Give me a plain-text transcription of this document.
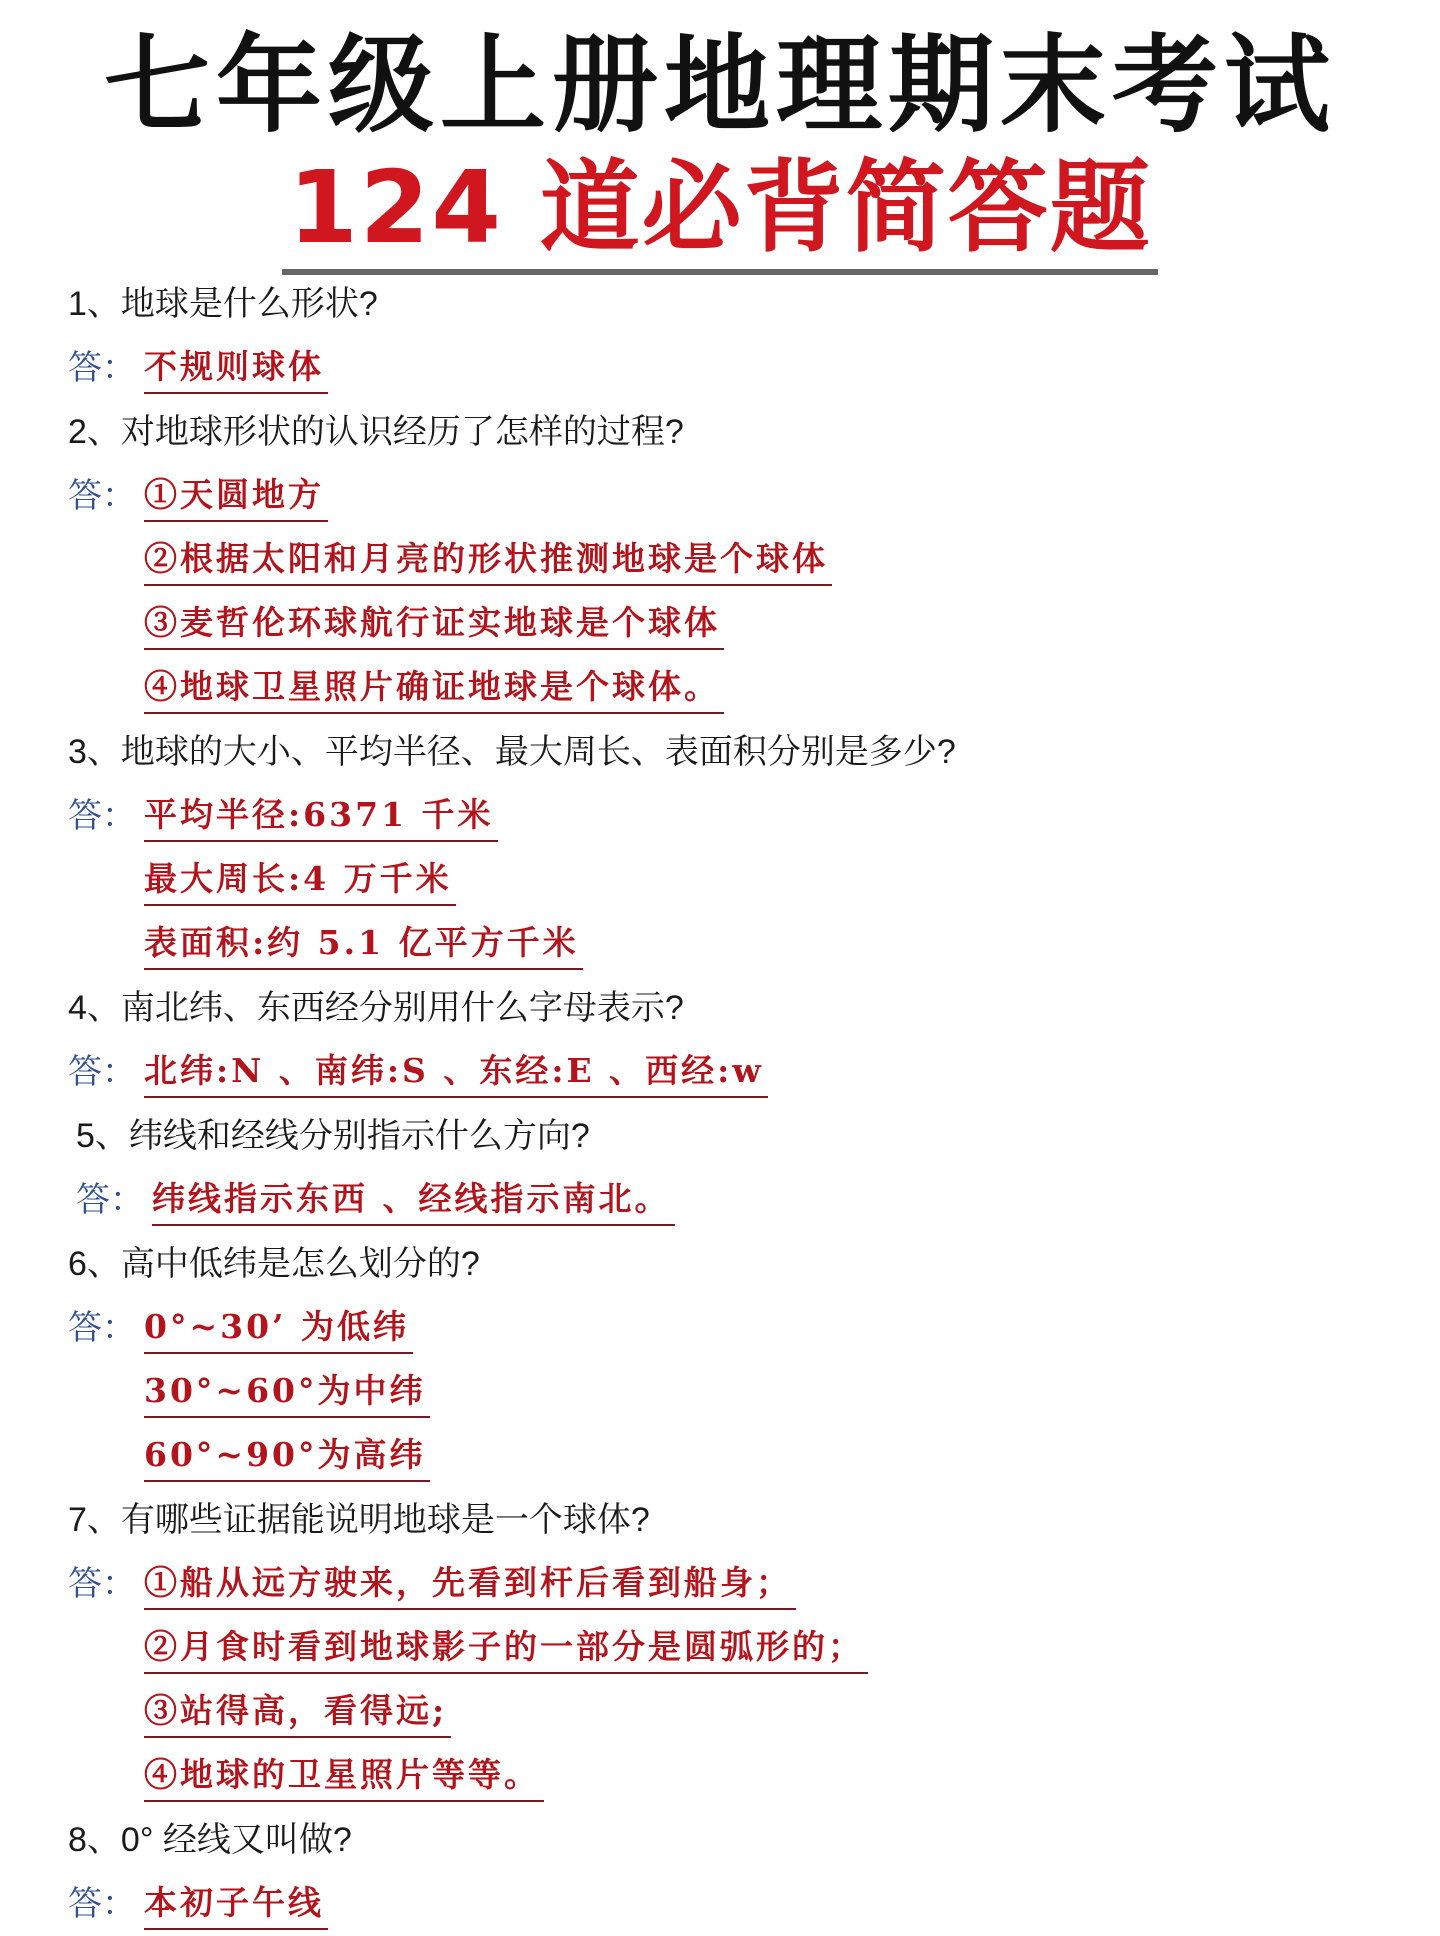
七年级上册地理期末考试
124 道必背简答题
1、地球是什么形状?
答： 不规则球体
2、对地球形状的认识经历了怎样的过程?
答： ①天圆地方
②根据太阳和月亮的形状推测地球是个球体
③麦哲伦环球航行证实地球是个球体
④地球卫星照片确证地球是个球体。
3、地球的大小、平均半径、最大周长、表面积分别是多少?
答： 平均半径:6371 千米
最大周长:4 万千米
表面积:约 5.1 亿平方千米
4、南北纬、东西经分别用什么字母表示?
答： 北纬:N 、南纬:S 、东经:E 、西经:w
5、纬线和经线分别指示什么方向?
答： 纬线指示东西 、经线指示南北。
6、高中低纬是怎么划分的?
答： 0°~30’ 为低纬
30°~60°为中纬
60°~90°为高纬
7、有哪些证据能说明地球是一个球体?
答： ①船从远方驶来，先看到杆后看到船身；
②月食时看到地球影子的一部分是圆弧形的；
③站得高，看得远;
④地球的卫星照片等等。
8、0° 经线又叫做?
答： 本初子午线
